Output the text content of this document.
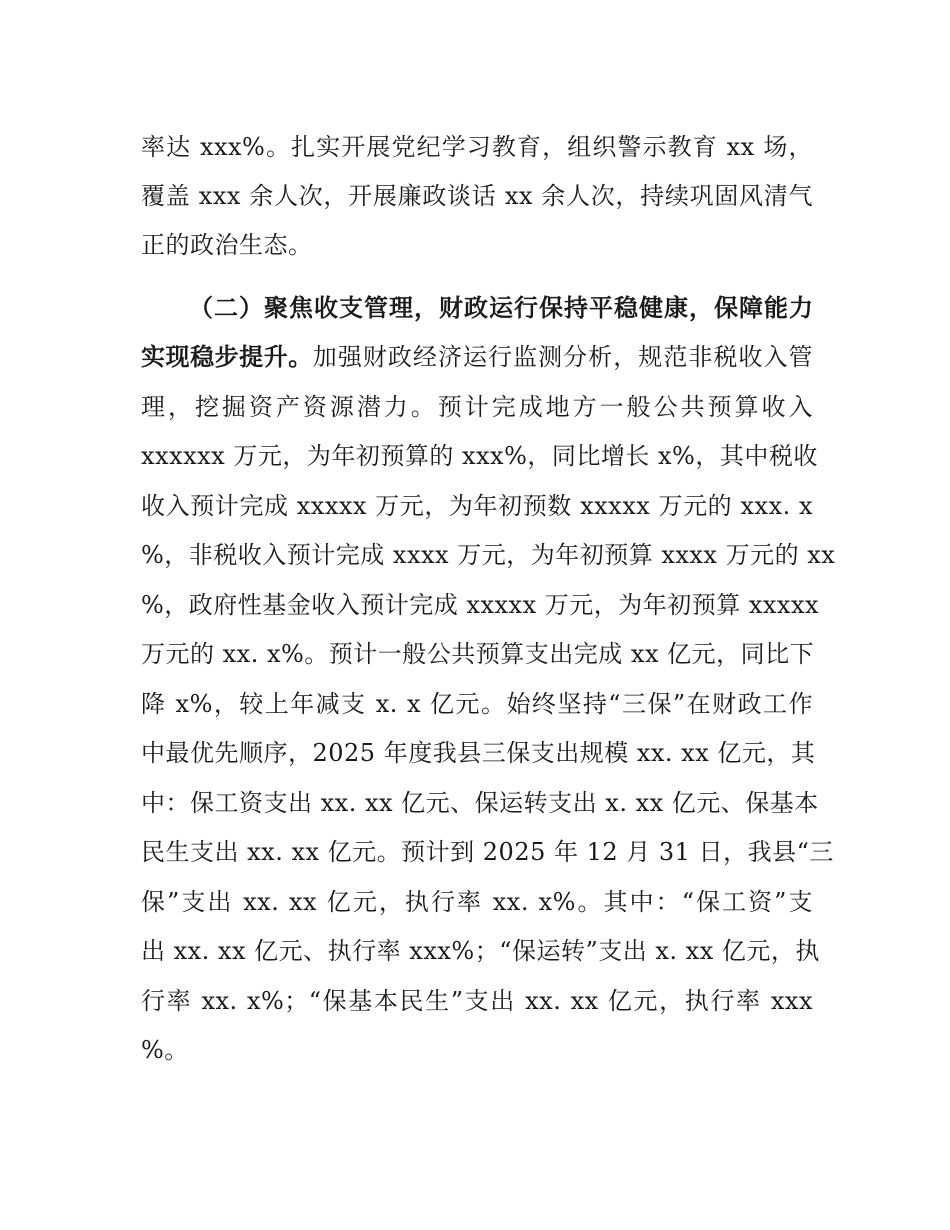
率达 xxx%。扎实开展党纪学习教育，组织警示教育 xx 场，
覆盖 xxx 余人次，开展廉政谈话 xx 余人次，持续巩固风清气
正的政治生态。
（二）聚焦收支管理，财政运行保持平稳健康，保障能力
实现稳步提升。加强财政经济运行监测分析，规范非税收入管
理，挖掘资产资源潜力。预计完成地方一般公共预算收入
xxxxxx 万元，为年初预算的 xxx%，同比增长 x%，其中税收
收入预计完成 xxxxx 万元，为年初预数 xxxxx 万元的 xxx. x
%，非税收入预计完成 xxxx 万元，为年初预算 xxxx 万元的 xx
%，政府性基金收入预计完成 xxxxx 万元，为年初预算 xxxxx
万元的 xx. x%。预计一般公共预算支出完成 xx 亿元，同比下
降 x%，较上年减支 x. x 亿元。始终坚持“三保”在财政工作
中最优先顺序，2025 年度我县三保支出规模 xx. xx 亿元，其
中：保工资支出 xx. xx 亿元、保运转支出 x. xx 亿元、保基本
民生支出 xx. xx 亿元。预计到 2025 年 12 月 31 日，我县“三
保”支出 xx. xx 亿元，执行率 xx. x%。其中：“保工资”支
出 xx. xx 亿元、执行率 xxx%；“保运转”支出 x. xx 亿元，执
行率 xx. x%；“保基本民生”支出 xx. xx 亿元，执行率 xxx
%。
